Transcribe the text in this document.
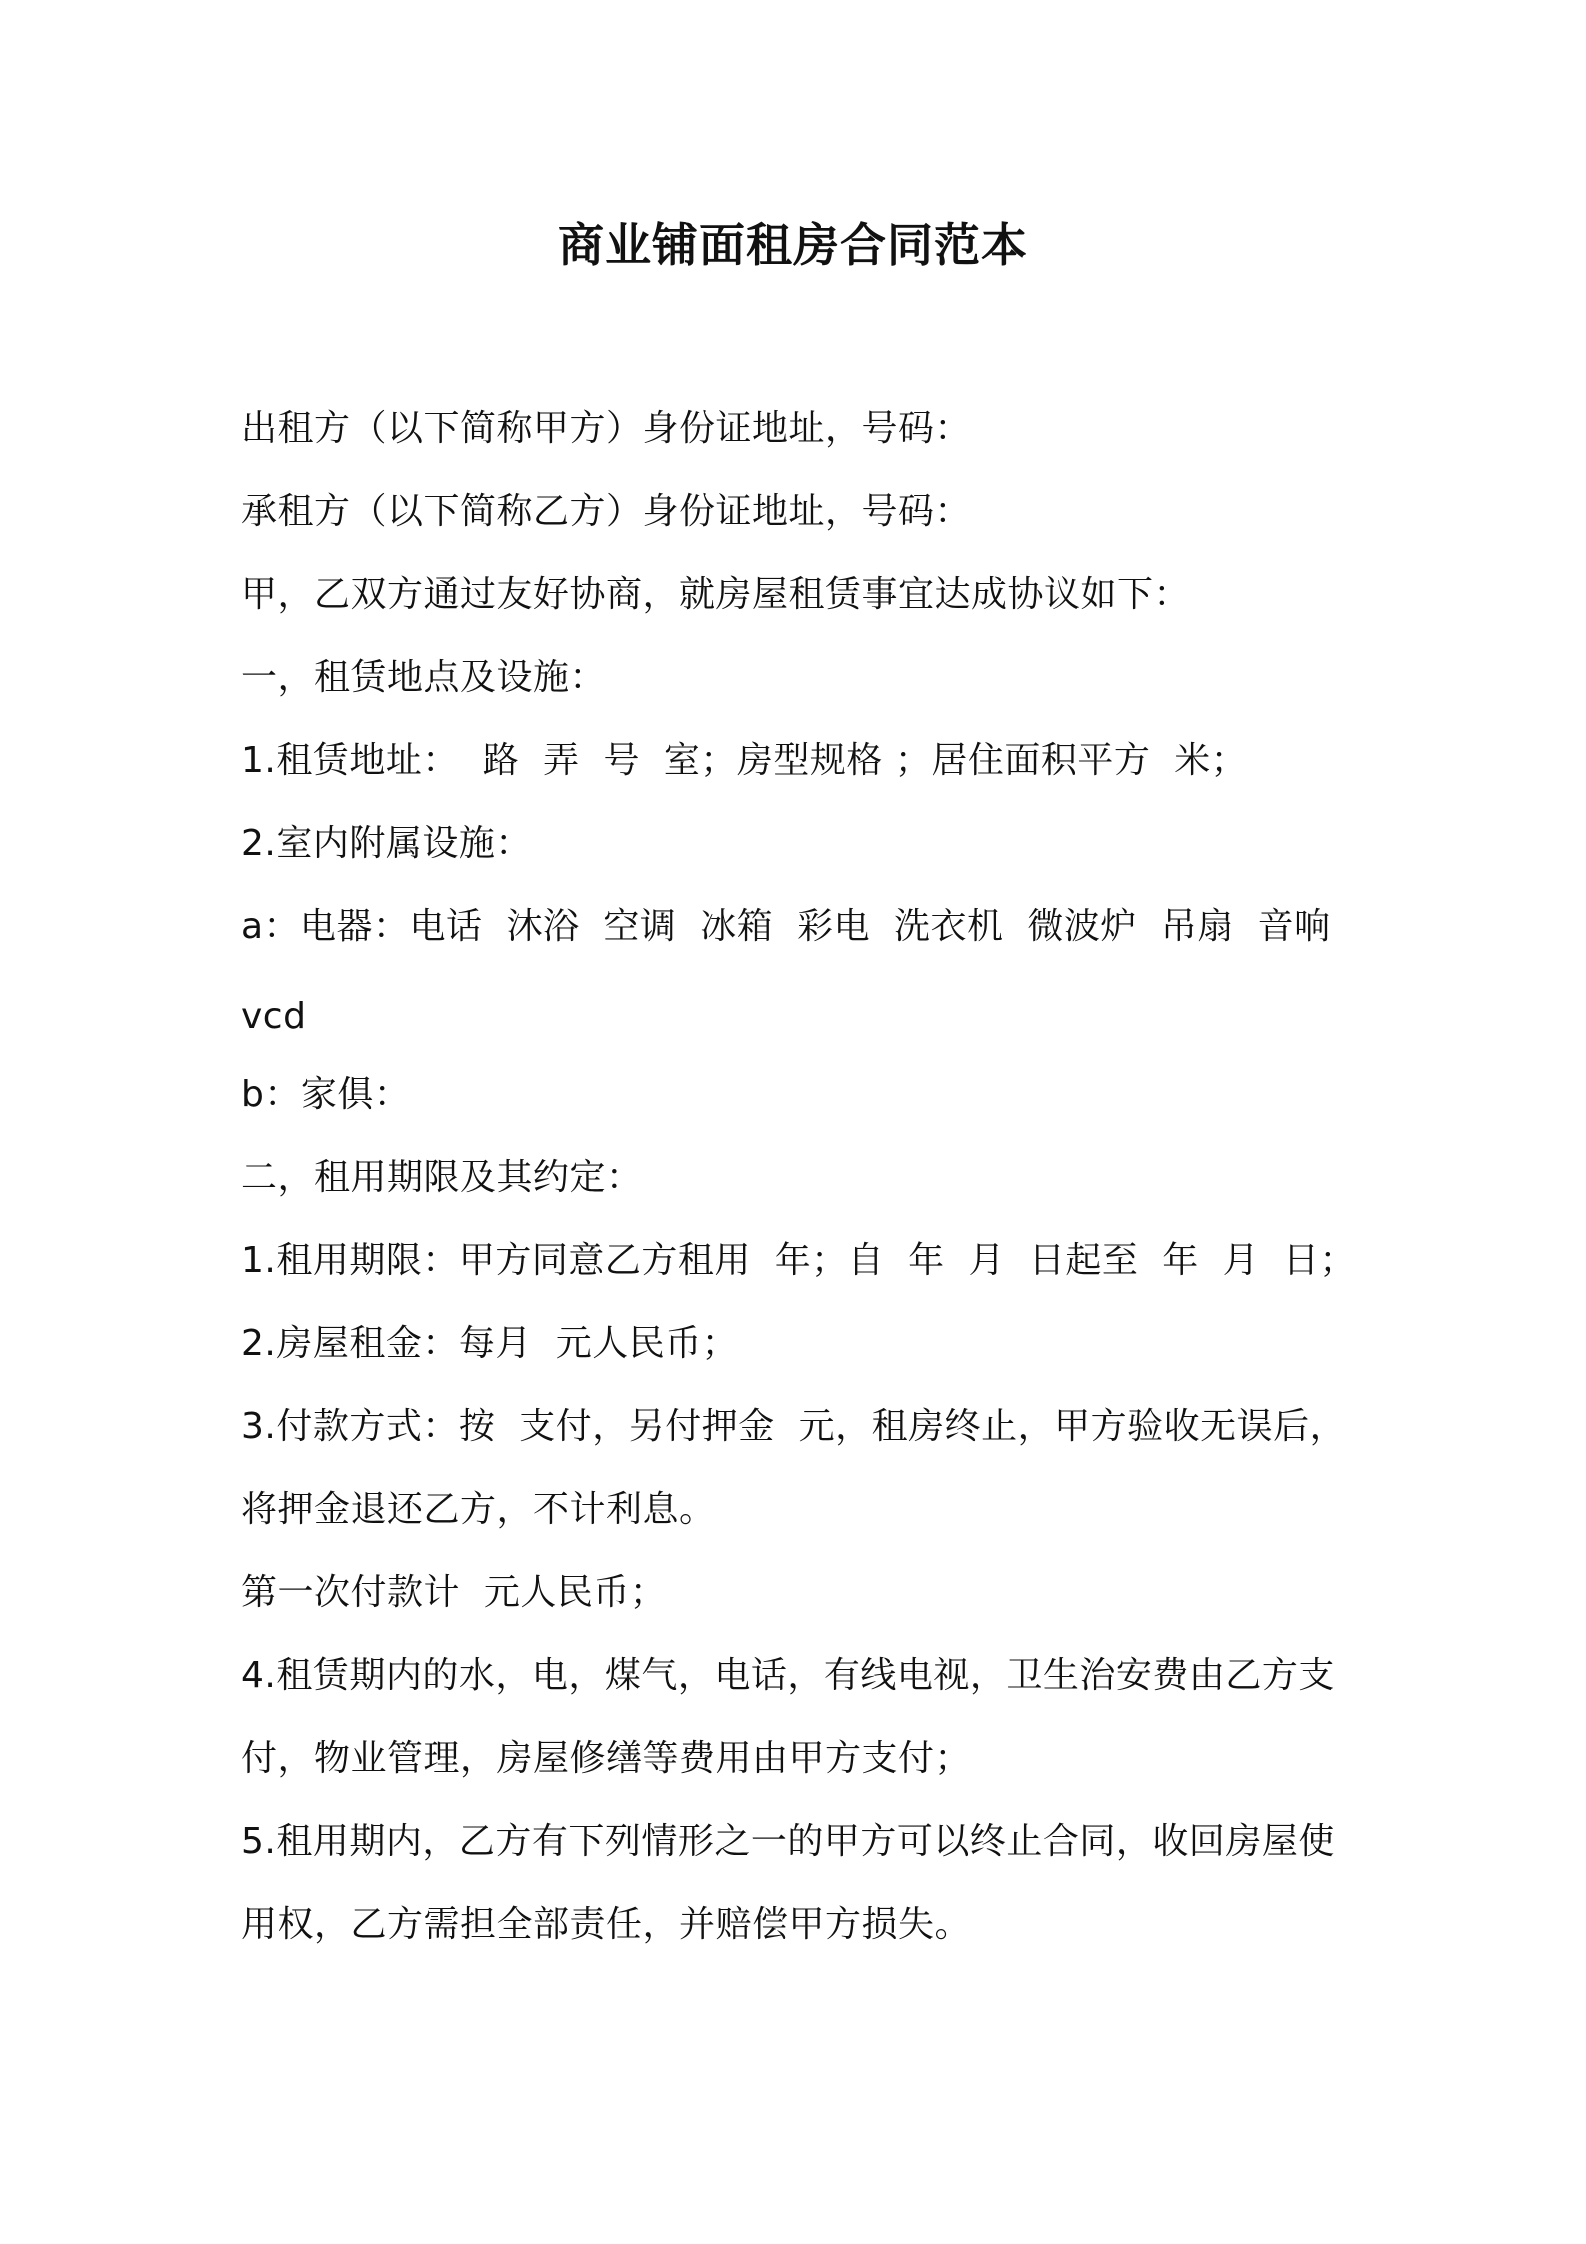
商业铺面租房合同范本
出租方（以下简称甲方）身份证地址，号码：
承租方（以下简称乙方）身份证地址，号码：
甲，乙双方通过友好协商，就房屋租赁事宜达成协议如下：
一，租赁地点及设施：
1.租赁地址：  路  弄  号  室；房型规格 ；居住面积平方  米；
2.室内附属设施：
a：电器：电话  沐浴  空调  冰箱  彩电  洗衣机  微波炉  吊扇  音响
vcd
b：家俱：
二，租用期限及其约定：
1.租用期限：甲方同意乙方租用  年；自  年  月  日起至  年  月  日；
2.房屋租金：每月  元人民币；
3.付款方式：按  支付，另付押金  元，租房终止，甲方验收无误后，
将押金退还乙方，不计利息。
第一次付款计  元人民币；
4.租赁期内的水，电，煤气，电话，有线电视，卫生治安费由乙方支
付，物业管理，房屋修缮等费用由甲方支付；
5.租用期内，乙方有下列情形之一的甲方可以终止合同，收回房屋使
用权，乙方需担全部责任，并赔偿甲方损失。
